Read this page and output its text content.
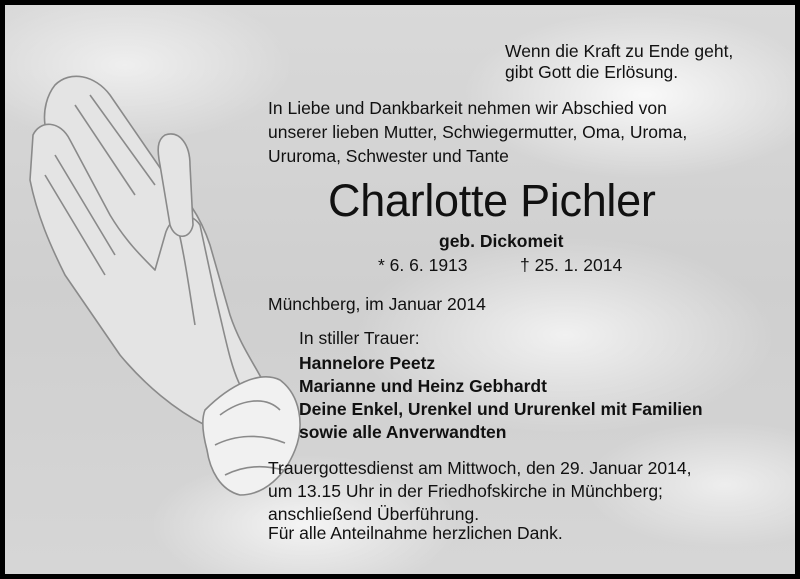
Wenn die Kraft zu Ende geht,
gibt Gott die Erlösung.
In Liebe und Dankbarkeit nehmen wir Abschied von
unserer lieben Mutter, Schwiegermutter, Oma, Uroma,
Ururoma, Schwester und Tante
Charlotte Pichler
geb. Dickomeit
* 6. 6. 1913	† 25. 1. 2014
Münchberg, im Januar 2014
In stiller Trauer:
Hannelore Peetz
Marianne und Heinz Gebhardt
Deine Enkel, Urenkel und Ururenkel mit Familien
sowie alle Anverwandten
Trauergottesdienst am Mittwoch, den 29. Januar 2014,
um 13.15 Uhr in der Friedhofskirche in Münchberg;
anschließend Überführung.
Für alle Anteilnahme herzlichen Dank.
